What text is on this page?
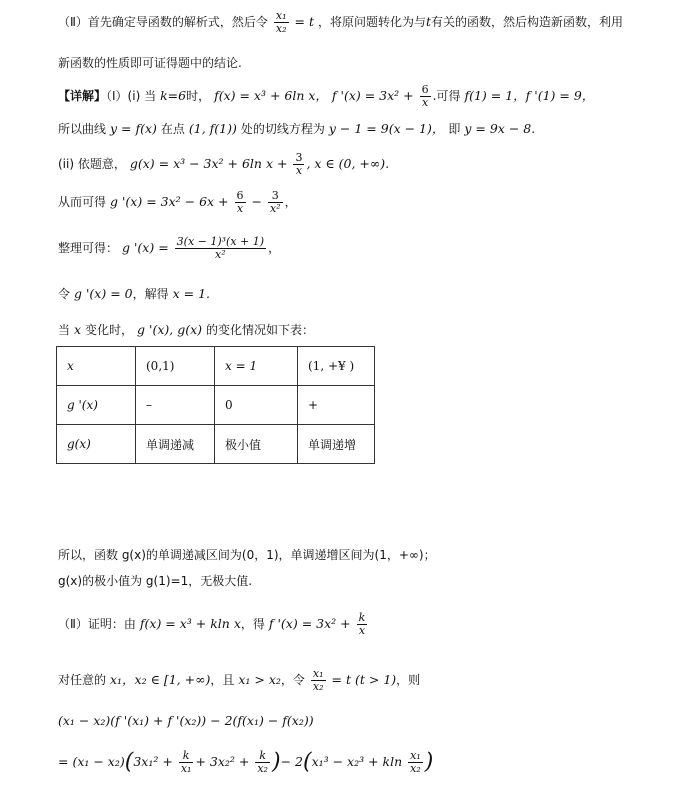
（Ⅱ）首先确定导函数的解析式，然后令 $\frac{\text{x₁}}{\text{x₂}} = t$ ，将原问题转化为与t有关的函数，然后构造新函数，利用
新函数的性质即可证得题中的结论.
【详解】（Ⅰ）(i) 当 k=6时， f(x) = x³ + 6ln x， f '$(x) = 3x^2 + \frac{6}{x}$ .可得 f(1) = 1，f '(1) = 9，
所以曲线 y = f(x) 在点 (1, f(1)) 处的切线方程为 y − 1 = 9(x − 1)， 即 y = 9x − 8.
(ii) 依题意， g(x) = x³ − 3x² + 6ln $x + \frac{3}{x}$ , x ∈ (0, +∞).
从而可得 g '$(x) = 3x^2 - 6x + \frac{6}{x} - \frac{3}{\text{x²}}$ ，
整理可得： g '$(x) = \frac{\text{3(x − 1)³(x + 1)}}{\text{x²}}$ ，
令 g '(x) = 0，解得 x = 1.
当 x 变化时， g '(x), g(x) 的变化情况如下表：
x	(0,1)	x = 1	(1, +¥ )
g '(x)	–	0	+
g(x)	单调递减	极小值	单调递增
所以，函数 g(x)的单调递减区间为(0，1)，单调递增区间为(1，+∞)；
g(x)的极小值为 g(1)=1，无极大值.
（Ⅱ）证明：由 f(x) = x³ + kln x，得 f '$(x) = 3x^2 + \frac{k}{x}$
对任意的 x₁，x₂ ∈ [1, +∞)，且 x₁ > x₂，令 $\frac{\text{x₁}}{\text{x₂}} = t$ (t > 1)，则
(x₁ − x₂)(f '(x₁) + f '(x₂)) − 2(f(x₁) − f(x₂))
= $(x_1 - x_2)(3x_1^2 + \frac{k}{\text{x₁}} + 3x_2^2 + \frac{k}{\text{x₂}}$ )− 2(x₁³ − x₂³ + kln $\frac{\text{x₁}}{\text{x₂}}$ )
